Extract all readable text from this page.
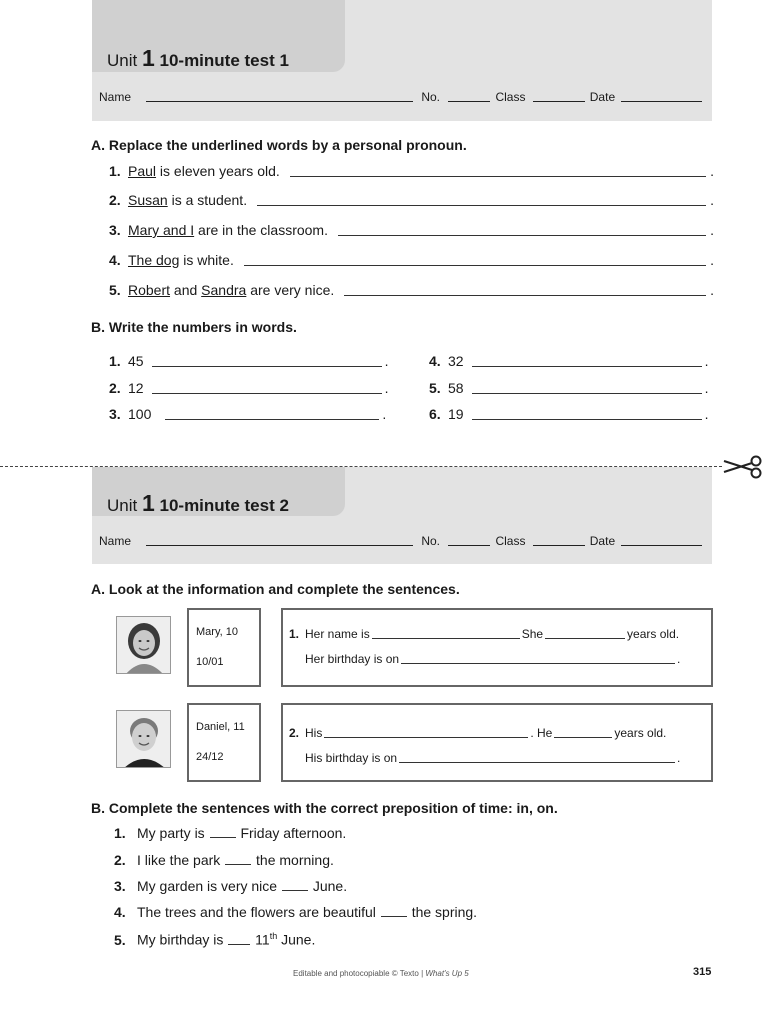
Unit 1 10-minute test 1
Name	No.	Class	Date
A. Replace the underlined words by a personal pronoun.
1. Paul is eleven years old.	.
2. Susan is a student.	.
3. Mary and I are in the classroom.	.
4. The dog is white.	.
5. Robert and Sandra are very nice.	.
B. Write the numbers in words.
1. 45	.
2. 12	.
3. 100	.
4. 32	.
5. 58	.
6. 19	.
Unit 1 10-minute test 2
Name	No.	Class	Date
A. Look at the information and complete the sentences.
Mary, 10
10/01
1. Her name is	She	years old.
Her birthday is on	.
Daniel, 11
24/12
2. His	. He	years old.
His birthday is on	.
B. Complete the sentences with the correct preposition of time: in, on.
1. My party is  Friday afternoon.
2. I like the park  the morning.
3. My garden is very nice  June.
4. The trees and the flowers are beautiful  the spring.
5. My birthday is  11th June.
Editable and photocopiable © Texto | What's Up 5	315
